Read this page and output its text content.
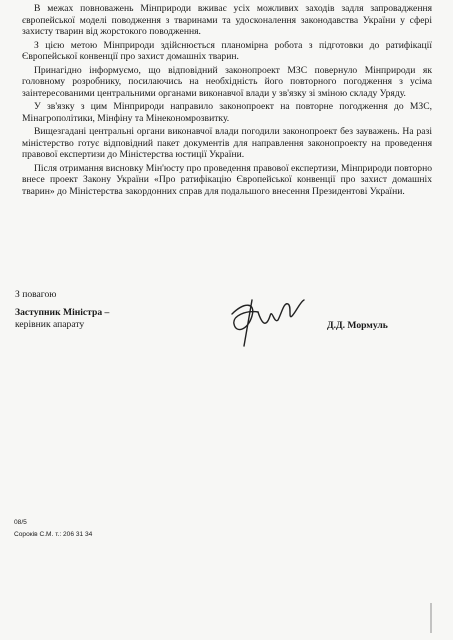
В межах повноважень Мінприроди вживає усіх можливих заходів задля запровадження європейської моделі поводження з тваринами та удосконалення законодавства України у сфері захисту тварин від жорстокого поводження.

З цією метою Мінприроди здійснюється планомірна робота з підготовки до ратифікації Європейської конвенції про захист домашніх тварин.

Принагідно інформуємо, що відповідний законопроект МЗС повернуло Мінприроди як головному розробнику, посилаючись на необхідність його повторного погодження з усіма заінтересованими центральними органами виконавчої влади у зв'язку зі зміною складу Уряду.

У зв'язку з цим Мінприроди направило законопроект на повторне погодження до МЗС, Мінагрополітики, Мінфіну та Мінекономрозвитку.

Вищезгадані центральні органи виконавчої влади погодили законопроект без зауважень. На разі міністерство готує відповідний пакет документів для направлення законопроекту на проведення правової експертизи до Міністерства юстиції України.

Після отримання висновку Мін'юсту про проведення правової експертизи, Мінприроди повторно внесе проект Закону України «Про ратифікацію Європейської конвенції про захист домашніх тварин» до Міністерства закордонних справ для подальшого внесення Президентові України.

З повагою
Заступник Міністра –
керівник апарату	Д.Д. Мормуль
08/5
Сороків С.М. т.: 206 31 34
